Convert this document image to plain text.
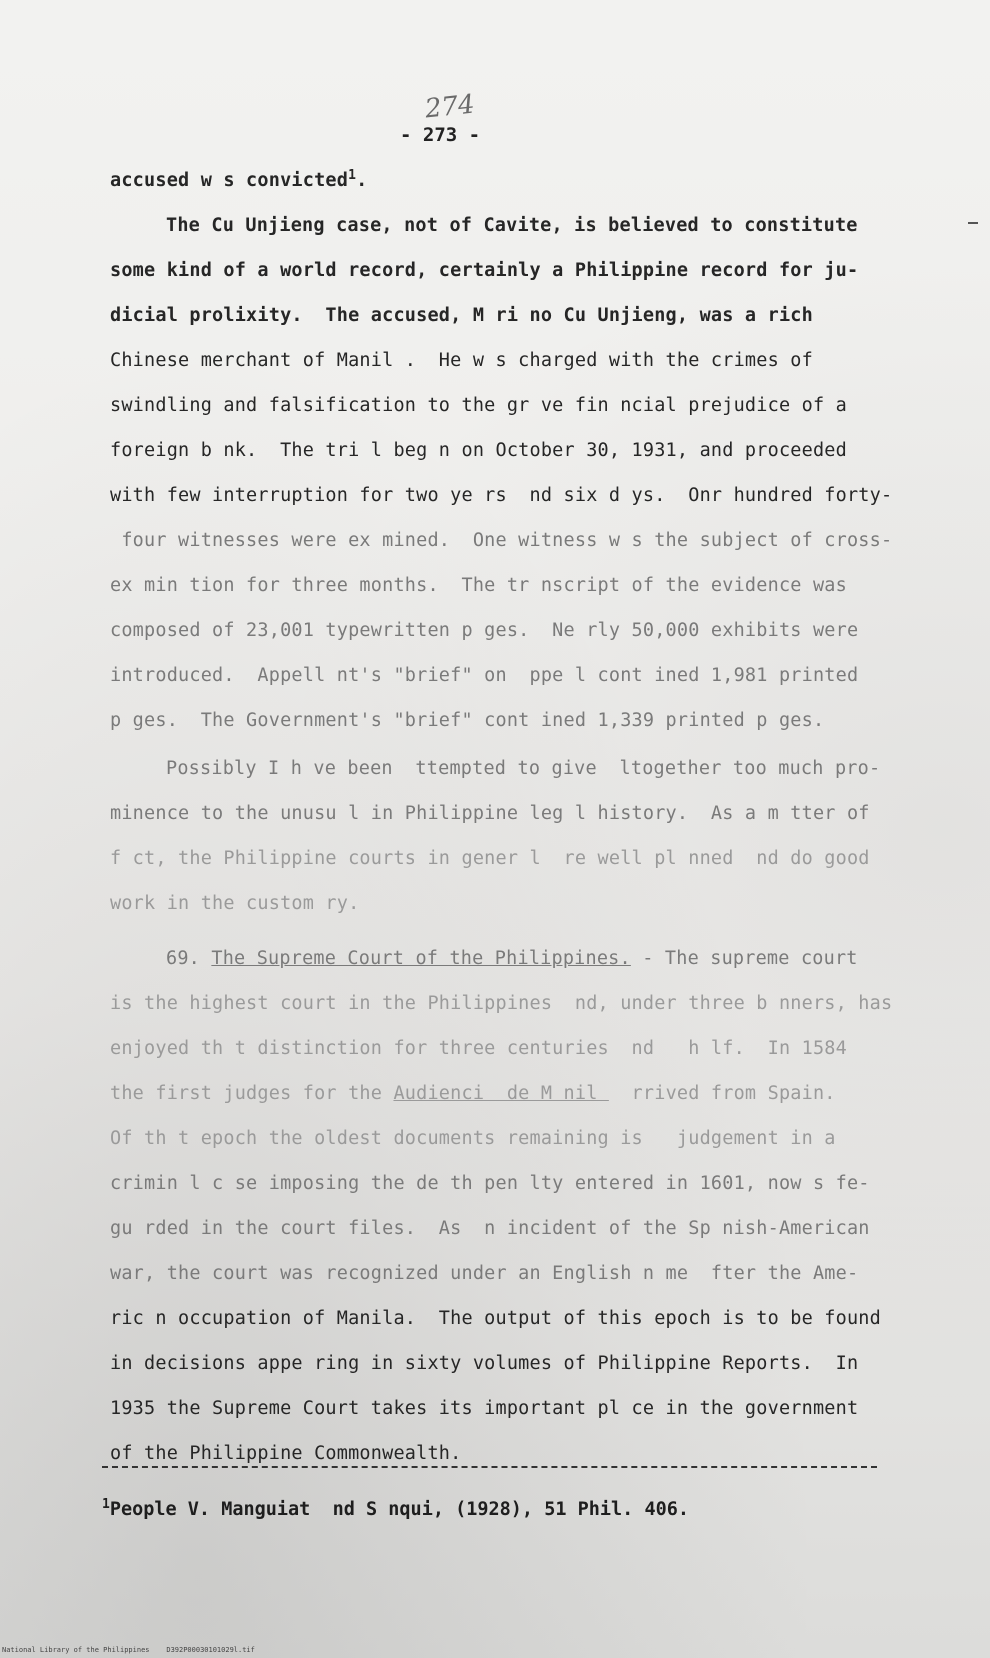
274
- 273 -
accused w s convicted$^1$.
The Cu Unjieng case, not of Cavite, is believed to constitute
some kind of a world record, certainly a Philippine record for ju-
dicial prolixity.  The accused, M ri no Cu Unjieng, was a rich
Chinese merchant of Manil .  He w s charged with the crimes of
swindling and falsification to the gr ve fin ncial prejudice of a
foreign b nk.  The tri l beg n on October 30, 1931, and proceeded
with few interruption for two ye rs  nd six d ys.  Onr hundred forty-
four witnesses were ex mined.  One witness w s the subject of cross-
ex min tion for three months.  The tr nscript of the evidence was
composed of 23,001 typewritten p ges.  Ne rly 50,000 exhibits were
introduced.  Appell nt's "brief" on  ppe l cont ined 1,981 printed
p ges.  The Government's "brief" cont ined 1,339 printed p ges.
Possibly I h ve been  ttempted to give  ltogether too much pro-
minence to the unusu l in Philippine leg l history.  As a m tter of
f ct, the Philippine courts in gener l  re well pl nned  nd do good
work in the custom ry.
69. The Supreme Court of the Philippines. - The supreme court
is the highest court in the Philippines  nd, under three b nners, has
enjoyed th t distinction for three centuries  nd   h lf.  In 1584
the first judges for the Audienci  de M nil   rrived from Spain.
Of th t epoch the oldest documents remaining is   judgement in a
crimin l c se imposing the de th pen lty entered in 1601, now s fe-
gu rded in the court files.  As  n incident of the Sp nish-American
war, the court was recognized under an English n me  fter the Ame-
ric n occupation of Manila.  The output of this epoch is to be found
in decisions appe ring in sixty volumes of Philippine Reports.  In
1935 the Supreme Court takes its important pl ce in the government
of the Philippine Commonwealth.
$^1$People V. Manguiat  nd S nqui, (1928), 51 Phil. 406.
National Library of the Philippines    D392P00030101029l.tif
